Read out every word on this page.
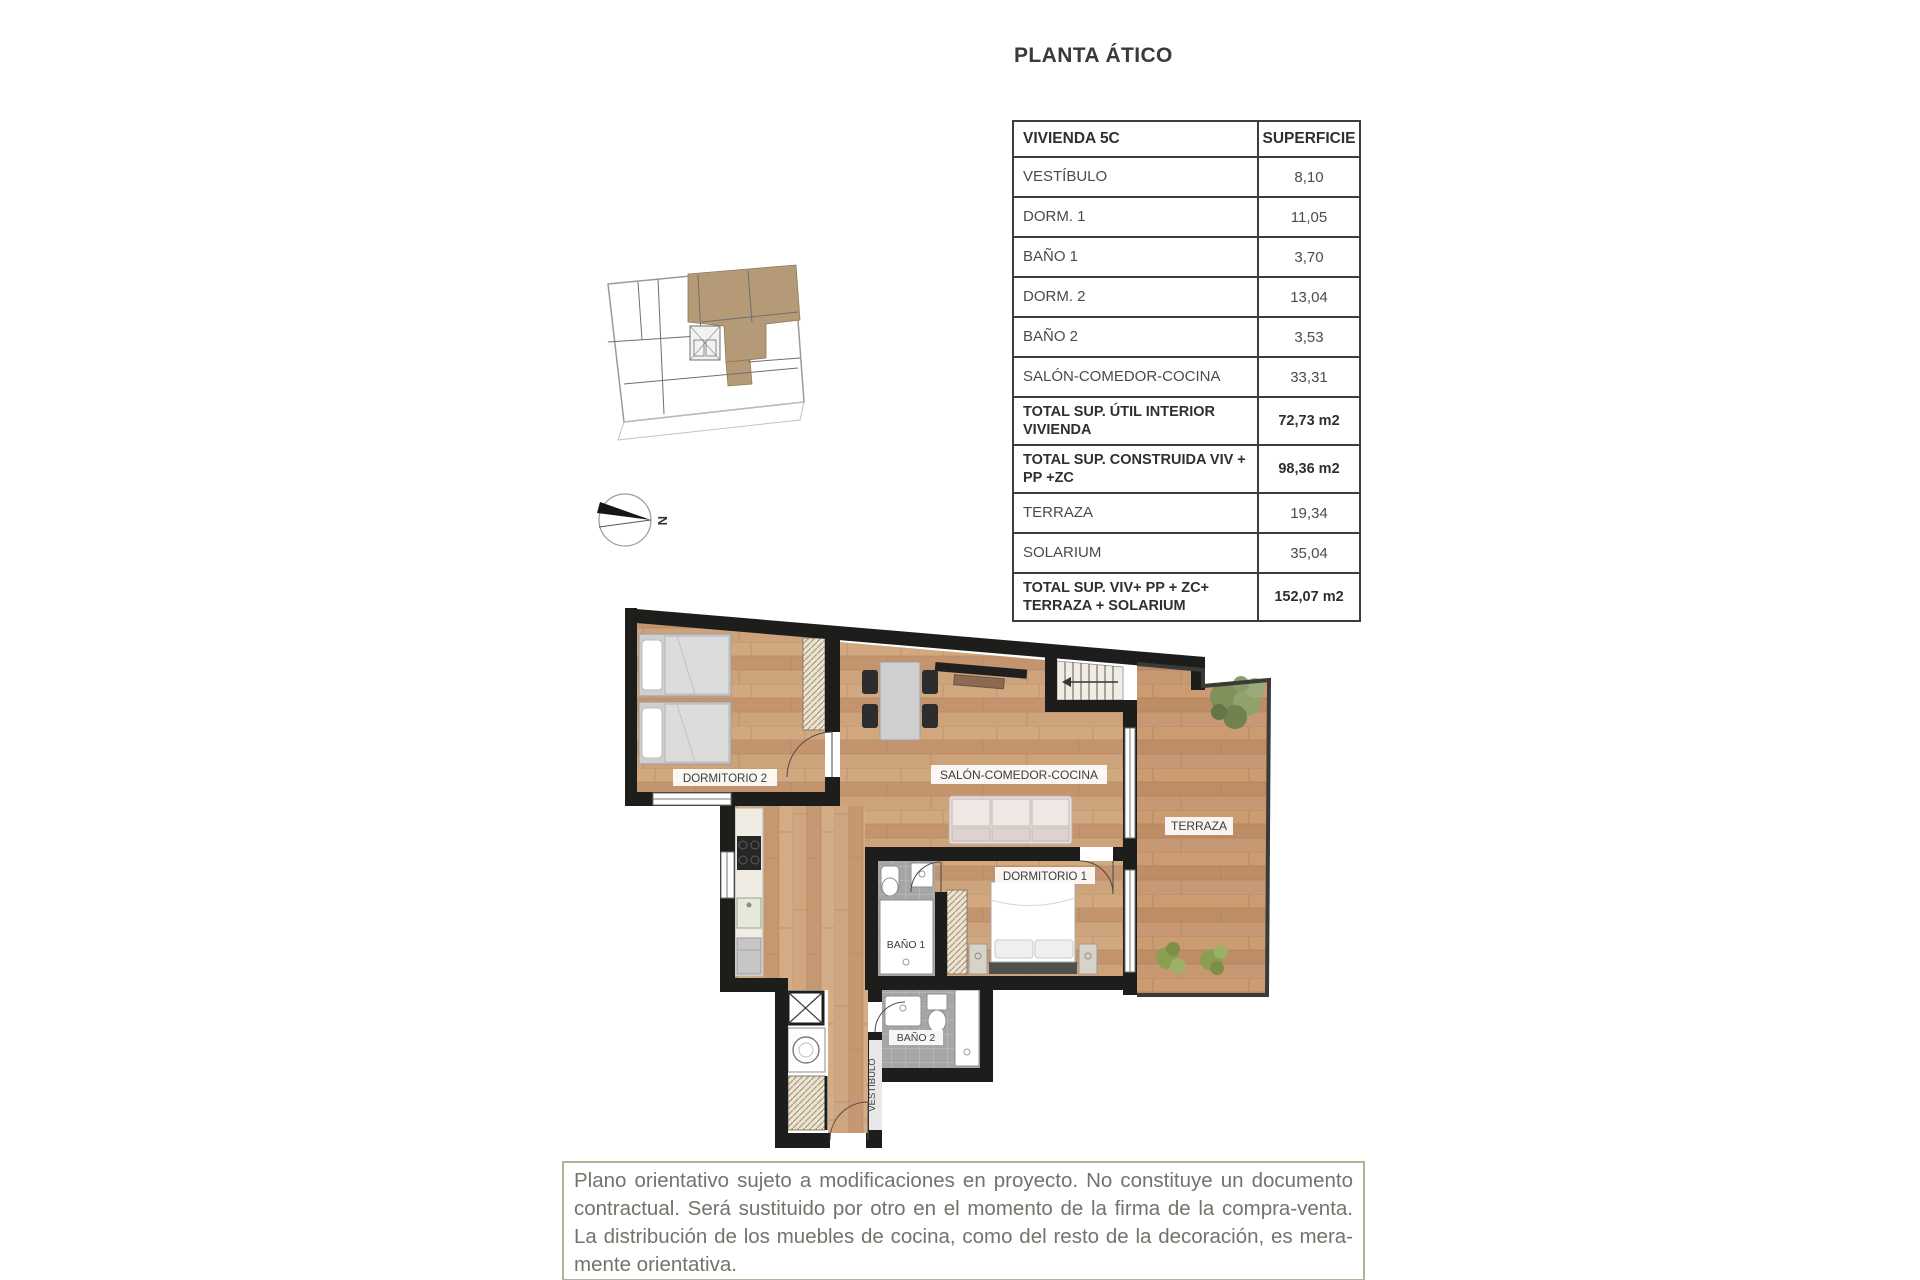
PLANTA ÁTICO
VIVIENDA 5C	SUPERFICIE
VESTÍBULO	8,10
DORM. 1	11,05
BAÑO 1	3,70
DORM. 2	13,04
BAÑO 2	3,53
SALÓN-COMEDOR-COCINA	33,31
TOTAL SUP. ÚTIL INTERIOR VIVIENDA	72,73 m2
TOTAL SUP. CONSTRUIDA VIV + PP +ZC	98,36 m2
TERRAZA	19,34
SOLARIUM	35,04
TOTAL SUP. VIV+ PP + ZC+ TERRAZA + SOLARIUM	152,07 m2
N
DORMITORIO 2	SALÓN-COMEDOR-COCINA
TERRAZA
DORMITORIO 1
BAÑO 1
BAÑO 2
VESTÍBULO
Plano orientativo sujeto a modificaciones en proyecto. No constituye un documento
contractual. Será sustituido por otro en el momento de la firma de la compra-venta.
La distribución de los muebles de cocina, como del resto de la decoración, es mera-
mente orientativa.
